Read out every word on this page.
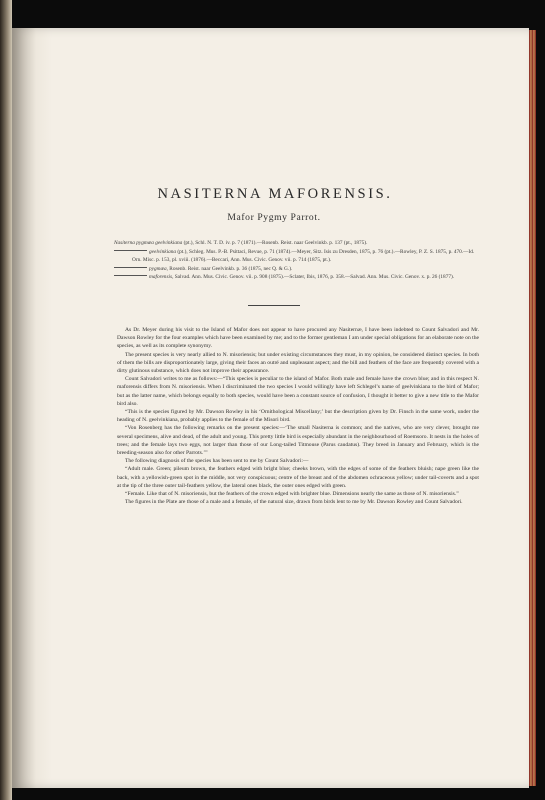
NASITERNA MAFORENSIS.
Mafor Pygmy Parrot.
Nasiterna pygmæa geelvinkiana (pt.), Schl. N. T. D. iv. p. 7 (1871).—Rosenb. Reist. naar Geelvinkb. p. 137 (pt., 1875).
geelvinkiana (pt.), Schleg. Mus. P.-B. Psittaci, Revue, p. 71 (1874).—Meyer, Sitz. Isis zu Dresden, 1875, p. 76 (pt.).—Rowley, P. Z. S. 1875, p. 470.—Id. Orn. Misc. p. 153, pl. xviii. (1876).—Beccari, Ann. Mus. Civic. Genov. vii. p. 714 (1875, pt.).
pygmæa, Rosenb. Reist. naar Geelvinkb. p. 36 (1875, nec Q. & G.).
maforensis, Salvad. Ann. Mus. Civic. Genov. vii. p. 908 (1875).—Sclater, Ibis, 1876, p. 358.—Salvad. Ann. Mus. Civic. Genov. x. p. 26 (1877).

As Dr. Meyer during his visit to the Island of Mafor does not appear to have procured any Nasiternæ, I have been indebted to Count Salvadori and Mr. Dawson Rowley for the four examples which have been examined by me; and to the former gentleman I am under special obligations for an elaborate note on the species, as well as its complete synonymy.

The present species is very nearly allied to N. misoriensis; but under existing circumstances they must, in my opinion, be considered distinct species. In both of them the bills are disproportionately large, giving their faces an outré and unpleasant aspect; and the bill and feathers of the face are frequently covered with a dirty glutinous substance, which does not improve their appearance.

Count Salvadori writes to me as follows:—“This species is peculiar to the island of Mafor. Both male and female have the crown blue; and in this respect N. maforensis differs from N. misoriensis. When I discriminated the two species I would willingly have left Schlegel’s name of geelvinkiana to the bird of Mafor; but as the latter name, which belongs equally to both species, would have been a constant source of confusion, I thought it better to give a new title to the Mafor bird also.

“This is the species figured by Mr. Dawson Rowley in his ‘Ornithological Miscellany;’ but the description given by Dr. Finsch in the same work, under the heading of N. geelvinkiana, probably applies to the female of the Misori bird.

“Von Rosenberg has the following remarks on the present species:—‘The small Nasiterna is common; and the natives, who are very clever, brought me several specimens, alive and dead, of the adult and young. This pretty little bird is especially abundant in the neighbourhood of Roemsoro. It nests in the holes of trees; and the female lays two eggs, not larger than those of our Long-tailed Titmouse (Parus caudatus). They breed in January and February, which is the breeding-season also for other Parrots.’”

The following diagnosis of the species has been sent to me by Count Salvadori:—

“Adult male. Green; pileum brown, the feathers edged with bright blue; cheeks brown, with the edges of some of the feathers bluish; nape green like the back, with a yellowish-green spot in the middle, not very conspicuous; centre of the breast and of the abdomen ochraceous yellow; under tail-coverts and a spot at the tip of the three outer tail-feathers yellow, the lateral ones black, the outer ones edged with green.

“Female. Like that of N. misoriensis, but the feathers of the crown edged with brighter blue. Dimensions nearly the same as those of N. misoriensis.”

The figures in the Plate are those of a male and a female, of the natural size, drawn from birds lent to me by Mr. Dawson Rowley and Count Salvadori.
